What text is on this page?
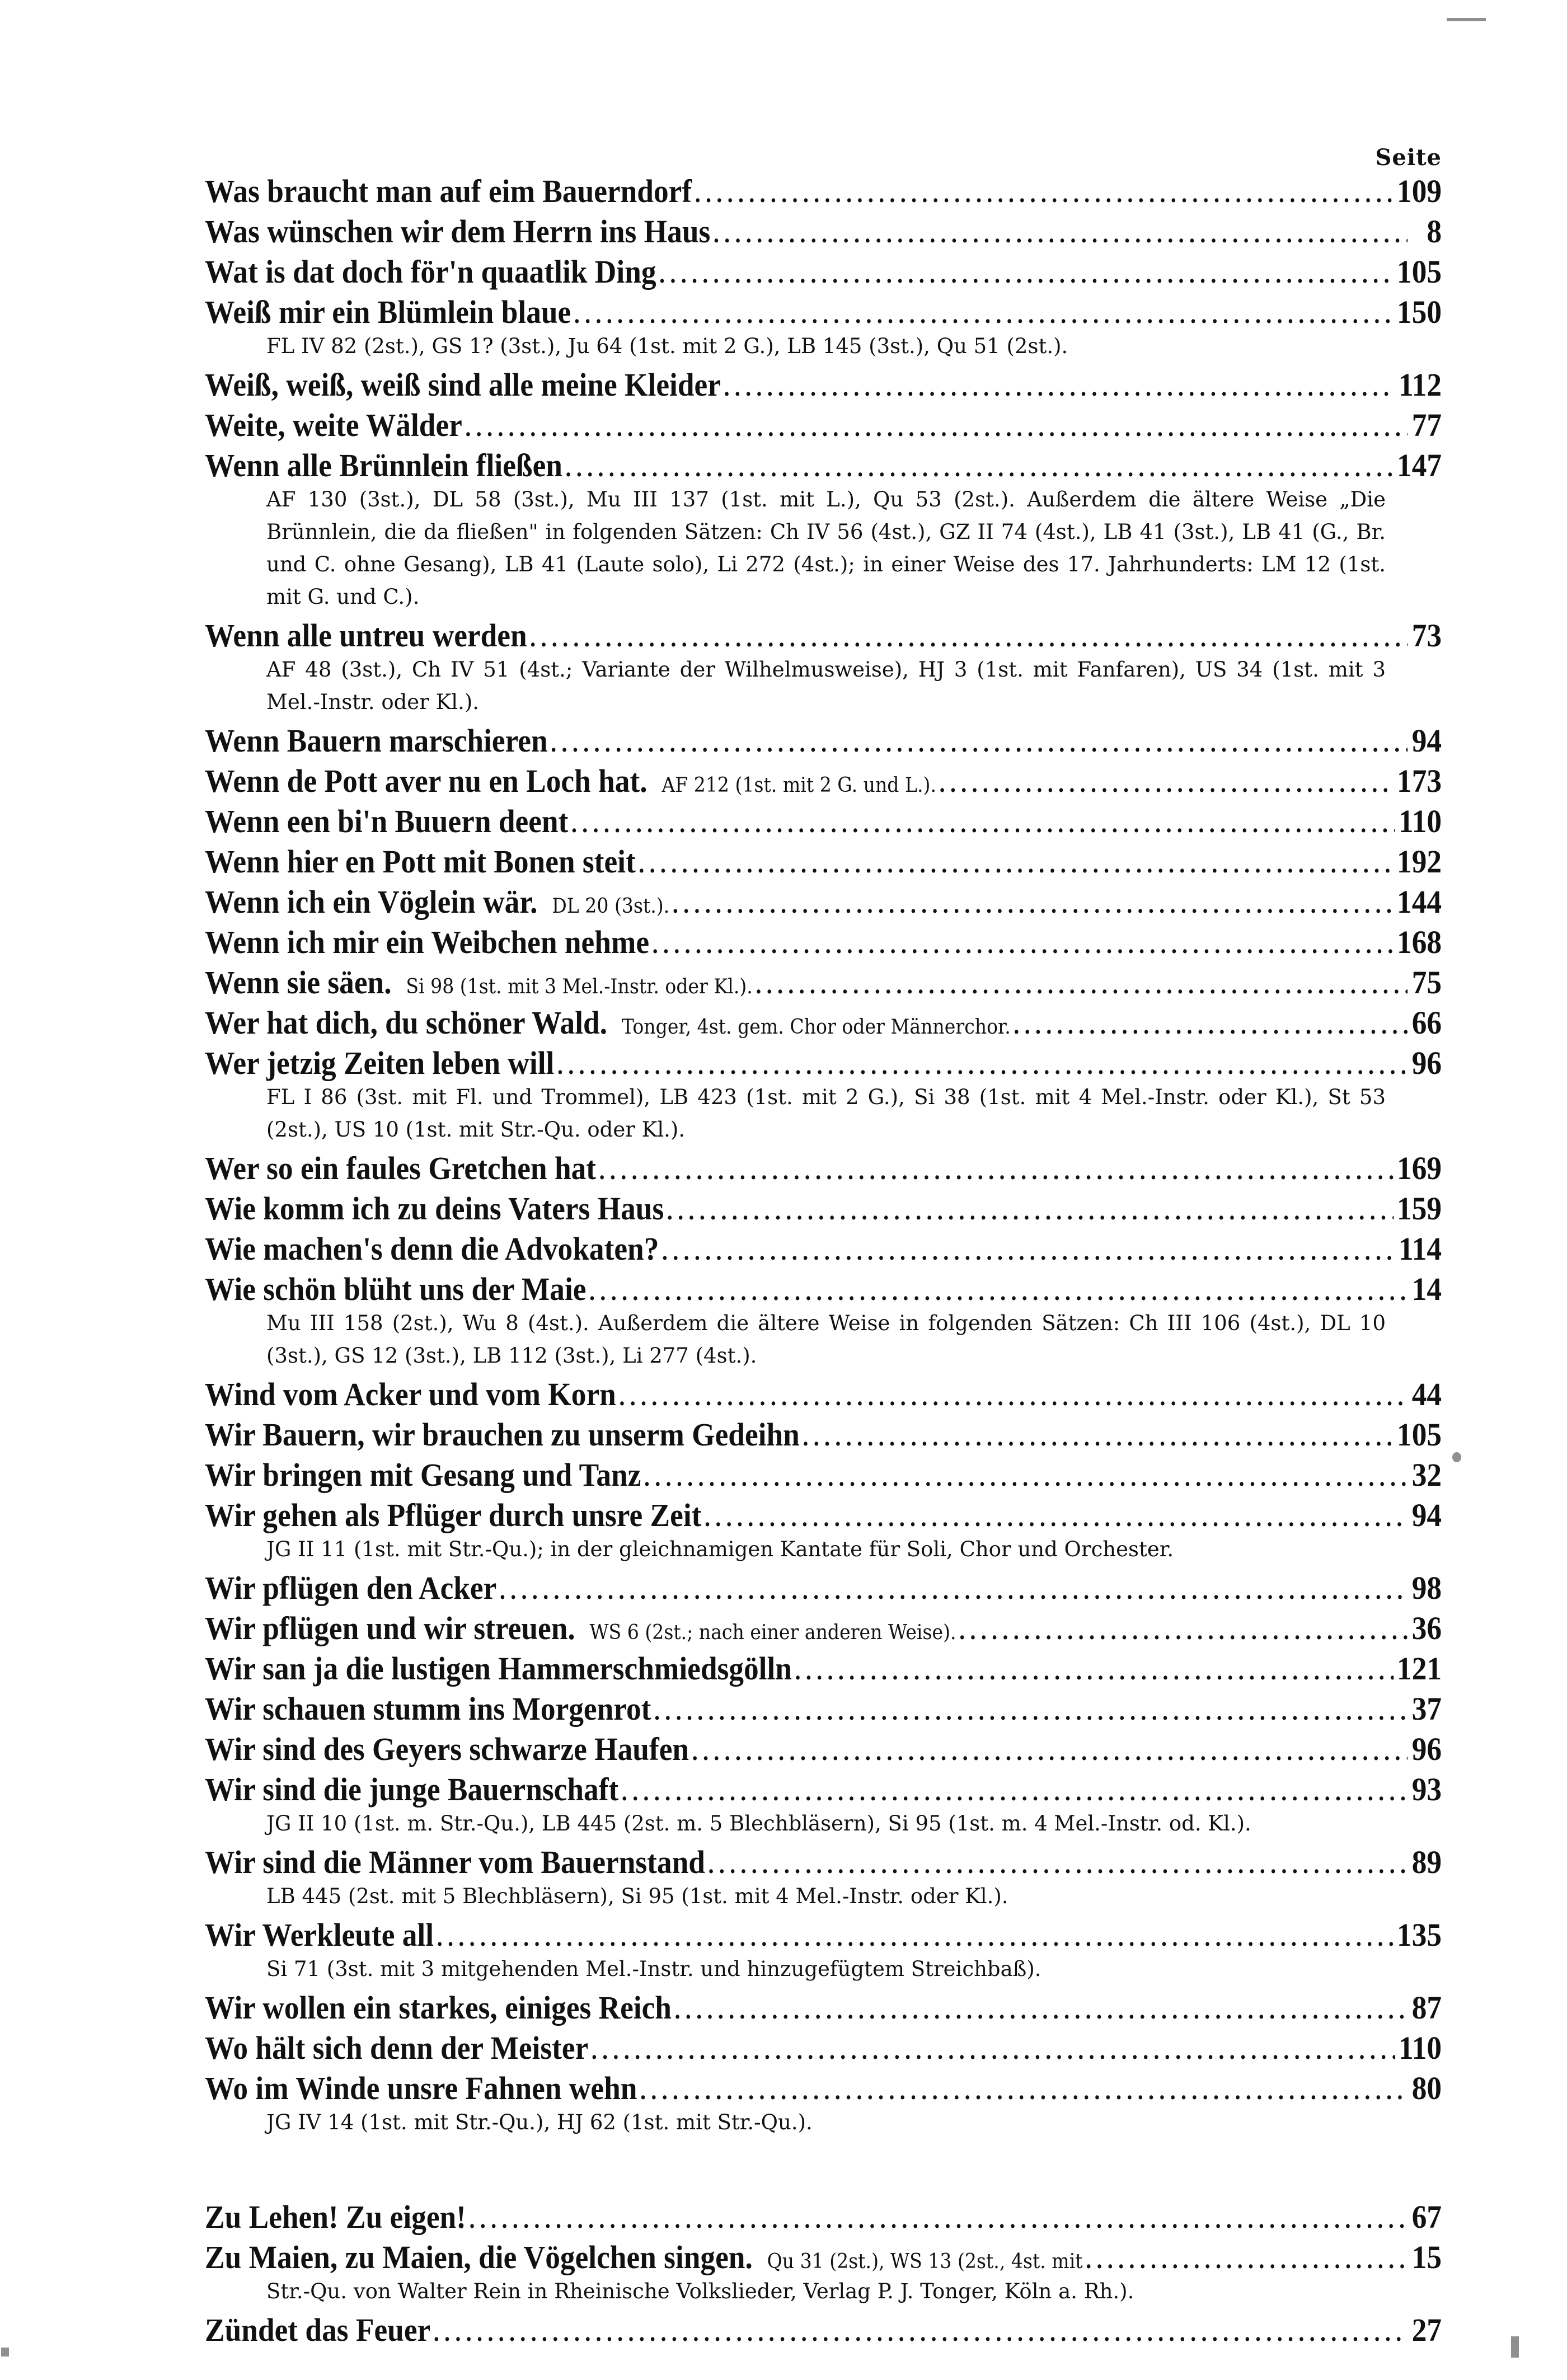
Seite
Was braucht man auf eim Bauerndorf .....	109
Was wünschen wir dem Herrn ins Haus .....	8
Wat is dat doch för'n quaatlik Ding .....	105
Weiß mir ein Blümlein blaue .....	150
FL IV 82 (2st.), GS 1? (3st.), Ju 64 (1st. mit 2 G.), LB 145 (3st.), Qu 51 (2st.).
Weiß, weiß, weiß sind alle meine Kleider .....	112
Weite, weite Wälder .....	77
Wenn alle Brünnlein fließen .....	147
AF 130 (3st.), DL 58 (3st.), Mu III 137 (1st. mit L.), Qu 53 (2st.). Außerdem die ältere Weise „Die Brünnlein, die da fließen" in folgenden Sätzen: Ch IV 56 (4st.), GZ II 74 (4st.), LB 41 (3st.), LB 41 (G., Br. und C. ohne Gesang), LB 41 (Laute solo), Li 272 (4st.); in einer Weise des 17. Jahrhunderts: LM 12 (1st. mit G. und C.).
Wenn alle untreu werden .....	73
AF 48 (3st.), Ch IV 51 (4st.; Variante der Wilhelmusweise), HJ 3 (1st. mit Fanfaren), US 34 (1st. mit 3 Mel.-Instr. oder Kl.).
Wenn Bauern marschieren .....	94
Wenn de Pott aver nu en Loch hat. AF 212 (1st. mit 2 G. und L.). .....	173
Wenn een bi'n Buuern deent .....	110
Wenn hier en Pott mit Bonen steit .....	192
Wenn ich ein Vöglein wär. DL 20 (3st.). .....	144
Wenn ich mir ein Weibchen nehme .....	168
Wenn sie säen. Si 98 (1st. mit 3 Mel.-Instr. oder Kl.). .....	75
Wer hat dich, du schöner Wald. Tonger, 4st. gem. Chor oder Männerchor. .....	66
Wer jetzig Zeiten leben will .....	96
FL I 86 (3st. mit Fl. und Trommel), LB 423 (1st. mit 2 G.), Si 38 (1st. mit 4 Mel.-Instr. oder Kl.), St 53 (2st.), US 10 (1st. mit Str.-Qu. oder Kl.).
Wer so ein faules Gretchen hat .....	169
Wie komm ich zu deins Vaters Haus .....	159
Wie machen's denn die Advokaten? .....	114
Wie schön blüht uns der Maie .....	14
Mu III 158 (2st.), Wu 8 (4st.). Außerdem die ältere Weise in folgenden Sätzen: Ch III 106 (4st.), DL 10 (3st.), GS 12 (3st.), LB 112 (3st.), Li 277 (4st.).
Wind vom Acker und vom Korn .....	44
Wir Bauern, wir brauchen zu unserm Gedeihn .....	105
Wir bringen mit Gesang und Tanz .....	32
Wir gehen als Pflüger durch unsre Zeit .....	94
JG II 11 (1st. mit Str.-Qu.); in der gleichnamigen Kantate für Soli, Chor und Orchester.
Wir pflügen den Acker .....	98
Wir pflügen und wir streuen. WS 6 (2st.; nach einer anderen Weise). .....	36
Wir san ja die lustigen Hammerschmiedsgölln .....	121
Wir schauen stumm ins Morgenrot .....	37
Wir sind des Geyers schwarze Haufen .....	96
Wir sind die junge Bauernschaft .....	93
JG II 10 (1st. m. Str.-Qu.), LB 445 (2st. m. 5 Blechbläsern), Si 95 (1st. m. 4 Mel.-Instr. od. Kl.).
Wir sind die Männer vom Bauernstand .....	89
LB 445 (2st. mit 5 Blechbläsern), Si 95 (1st. mit 4 Mel.-Instr. oder Kl.).
Wir Werkleute all .....	135
Si 71 (3st. mit 3 mitgehenden Mel.-Instr. und hinzugefügtem Streichbaß).
Wir wollen ein starkes, einiges Reich .....	87
Wo hält sich denn der Meister .....	110
Wo im Winde unsre Fahnen wehn .....	80
JG IV 14 (1st. mit Str.-Qu.), HJ 62 (1st. mit Str.-Qu.).
Zu Lehen! Zu eigen! .....	67
Zu Maien, zu Maien, die Vögelchen singen. Qu 31 (2st.), WS 13 (2st., 4st. mit .....	15
Str.-Qu. von Walter Rein in Rheinische Volkslieder, Verlag P. J. Tonger, Köln a. Rh.).
Zündet das Feuer .....	27
